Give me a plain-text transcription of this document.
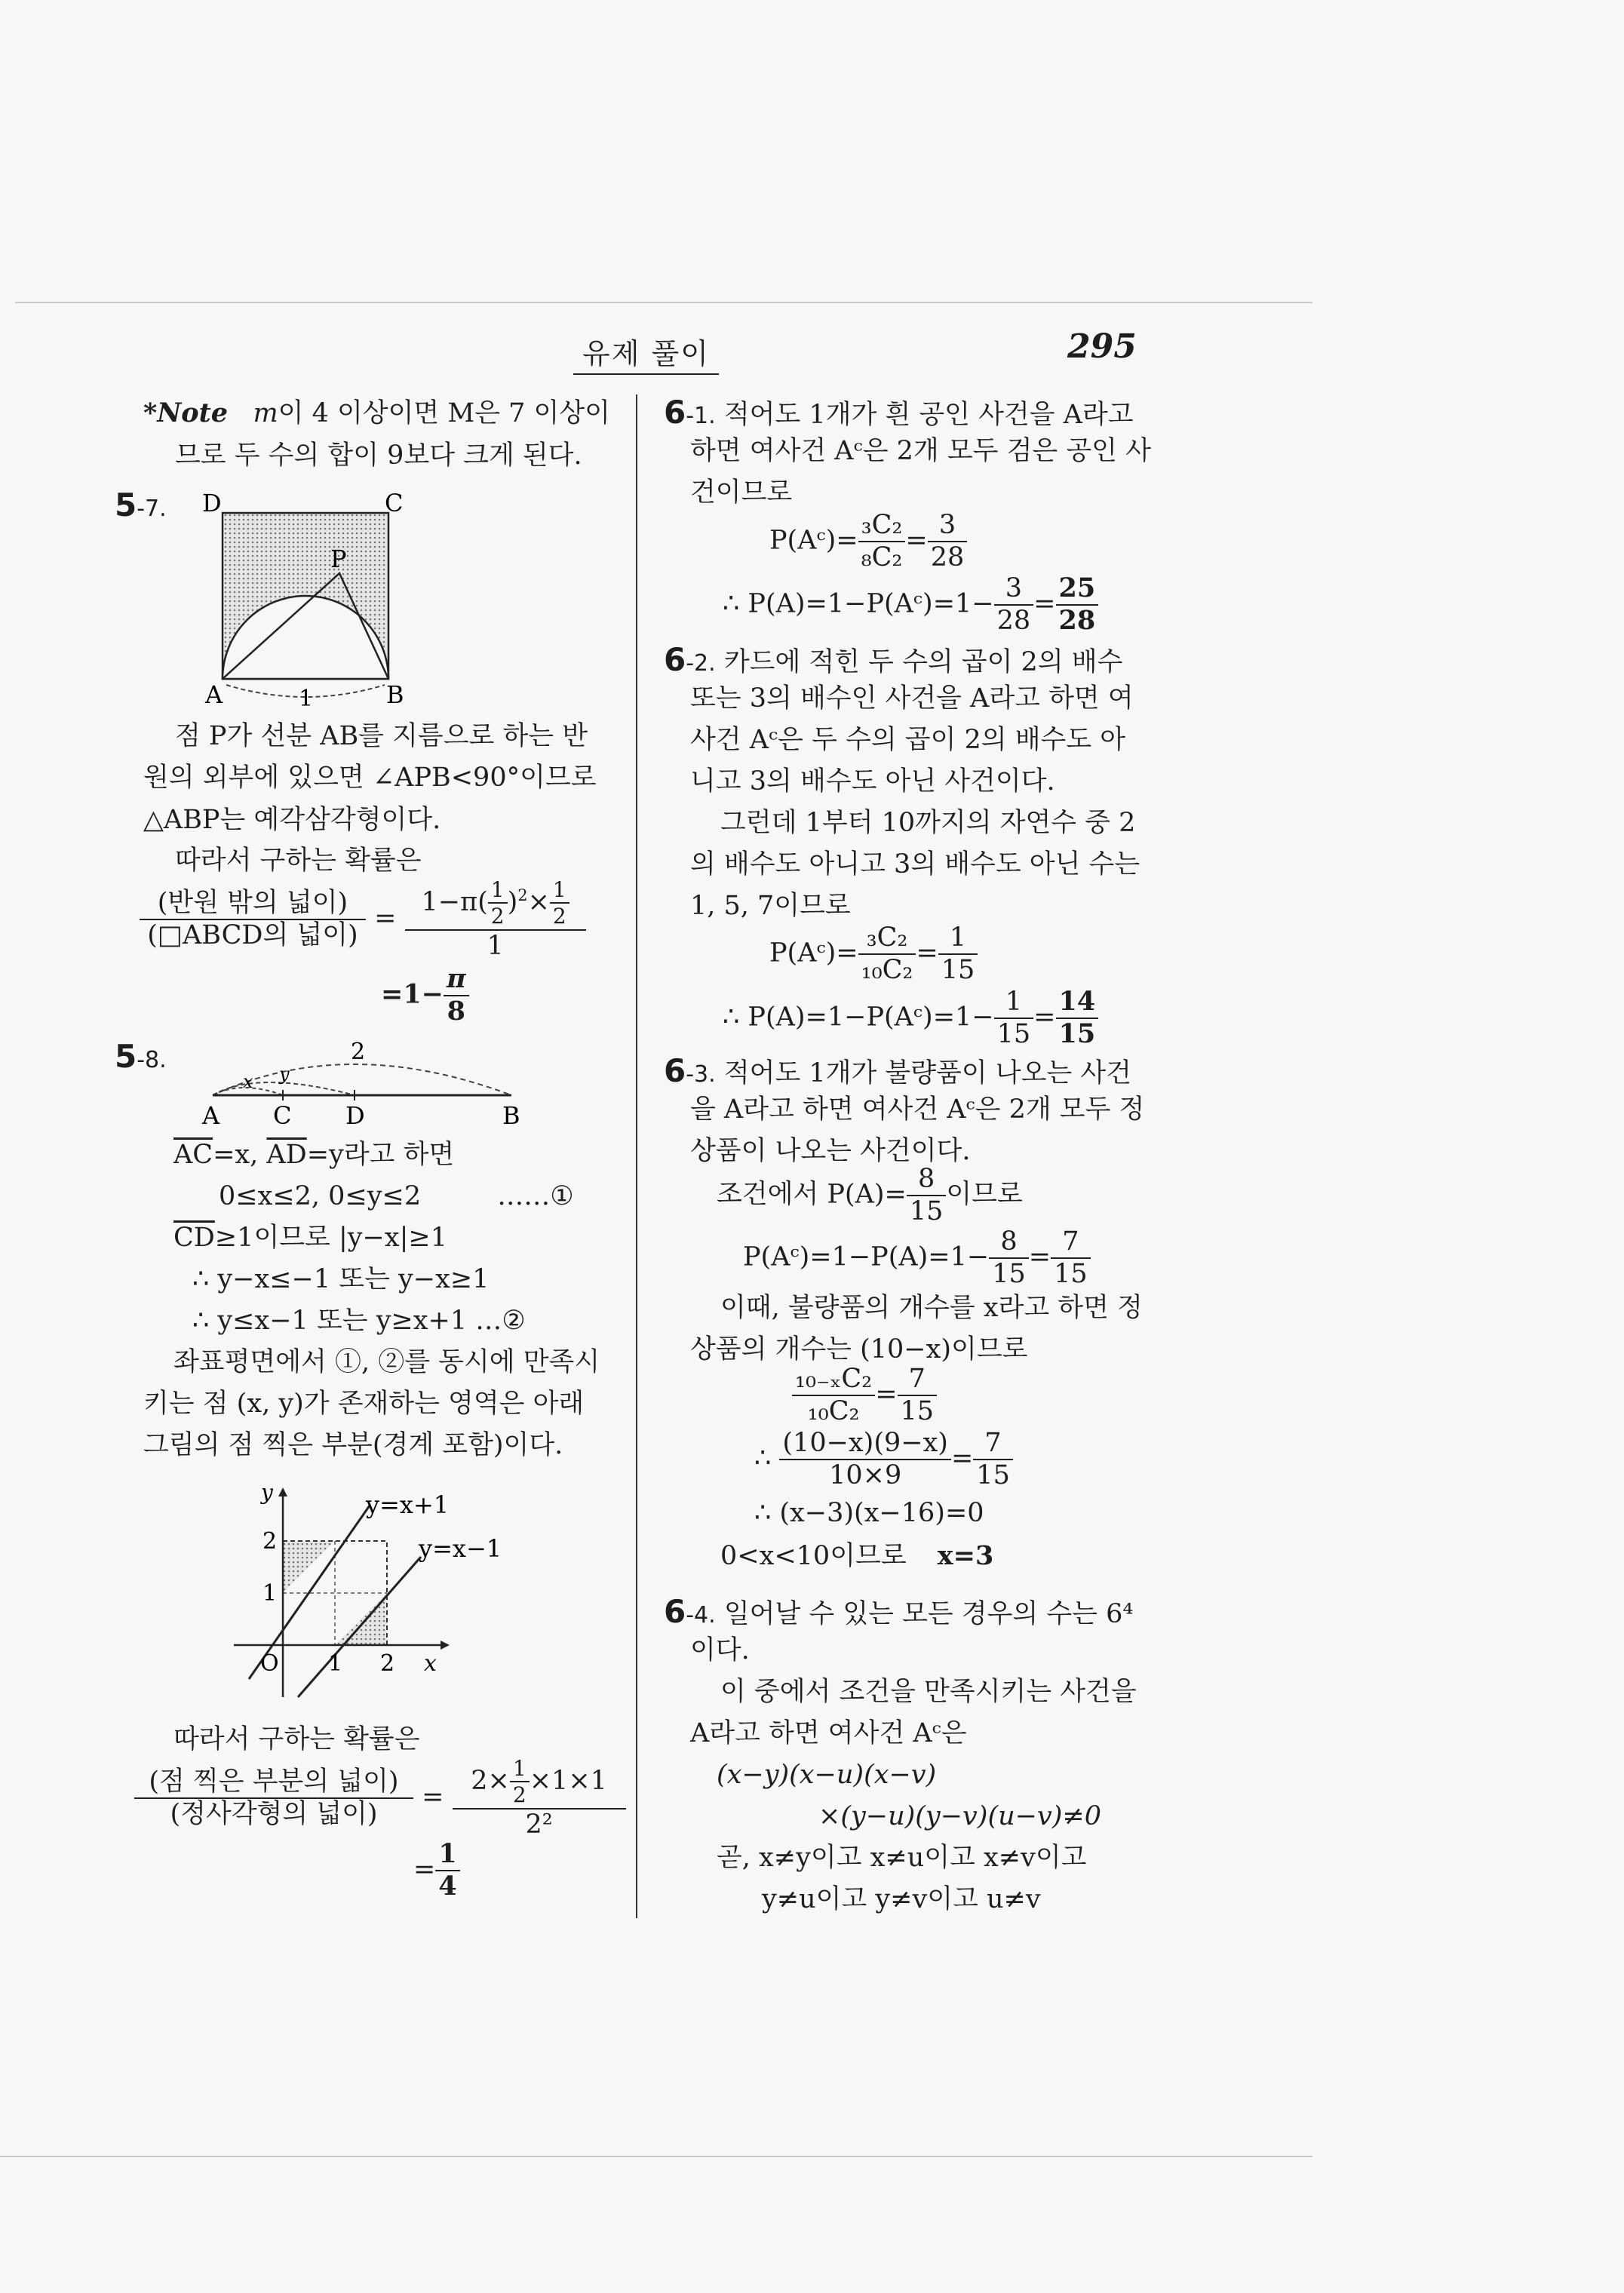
유제 풀이	295
*Note m이 4 이상이면 M은 7 이상이
므로 두 수의 합이 9보다 크게 된다.
5-7. D	C
P
A	B
1
점 P가 선분 AB를 지름으로 하는 반
원의 외부에 있으면 ∠APB<90°이므로
△ABP는 예각삼각형이다.
따라서 구하는 확률은
$\frac{\text{(반원 밖의 넓이)}}{\text{(□ABCD의 넓이)}} = \frac{1-\pi( \frac{1}{2} )^2\times \frac{1}{2}}{1}$
$=1- \frac{\pi}{8}$
5-8.	2
x y
A C D	B
$\overline{AC}=x$, $\overline{AD}=y$라고 하면
0≤x≤2, 0≤y≤2	……①
$\overline{CD}\ge 1$이므로 |y−x|≥1
∴ y−x≤−1 또는 y−x≥1
∴ y≤x−1 또는 y≥x+1 …②
좌표평면에서 ①, ②를 동시에 만족시
키는 점 (x, y)가 존재하는 영역은 아래
그림의 점 찍은 부분(경계 포함)이다.
y	y=x+1
y=x−1
2
1
O 1 2 x
따라서 구하는 확률은
$\frac{\text{(점 찍은 부분의 넓이)}}{\text{(정사각형의 넓이)}} = \frac{2\times \frac{1}{2} \times 1\times 1}{\text{2²}}$
= $\frac{1}{4}$
6-1. 적어도 1개가 흰 공인 사건을 A라고
하면 여사건 Aᶜ은 2개 모두 검은 공인 사
건이므로
P(Aᶜ)= $\frac{\text{₃C₂}}{\text{₈C₂}} = \frac{3}{28}$
∴ P(A)=1−P(Aᶜ)=1− $\frac{3}{28} = \frac{25}{28}$
6-2. 카드에 적힌 두 수의 곱이 2의 배수
또는 3의 배수인 사건을 A라고 하면 여
사건 Aᶜ은 두 수의 곱이 2의 배수도 아
니고 3의 배수도 아닌 사건이다.
그런데 1부터 10까지의 자연수 중 2
의 배수도 아니고 3의 배수도 아닌 수는
1, 5, 7이므로
P(Aᶜ)= $\frac{\text{₃C₂}}{\text{₁₀C₂}} = \frac{1}{15}$
∴ P(A)=1−P(Aᶜ)=1− $\frac{1}{15} = \frac{14}{15}$
6-3. 적어도 1개가 불량품이 나오는 사건
을 A라고 하면 여사건 Aᶜ은 2개 모두 정
상품이 나오는 사건이다.
조건에서 $P(A)= \frac{8}{15}$ 이므로
P(Aᶜ)=1−P(A)=1− $\frac{8}{15} = \frac{7}{15}$
이때, 불량품의 개수를 x라고 하면 정
상품의 개수는 (10−x)이므로
$\frac{\text{₁₀₋ₓC₂}}{\text{₁₀C₂}} = \frac{7}{15}$
∴ $\frac{(10-x)(9-x)}{10\times 9} = \frac{7}{15}$
∴ (x−3)(x−16)=0
0<x<10이므로 x=3
6-4. 일어날 수 있는 모든 경우의 수는 6⁴
이다.
이 중에서 조건을 만족시키는 사건을
A라고 하면 여사건 Aᶜ은
(x−y)(x−u)(x−v)
×(y−u)(y−v)(u−v)≠0
곧, x≠y이고 x≠u이고 x≠v이고
y≠u이고 y≠v이고 u≠v
